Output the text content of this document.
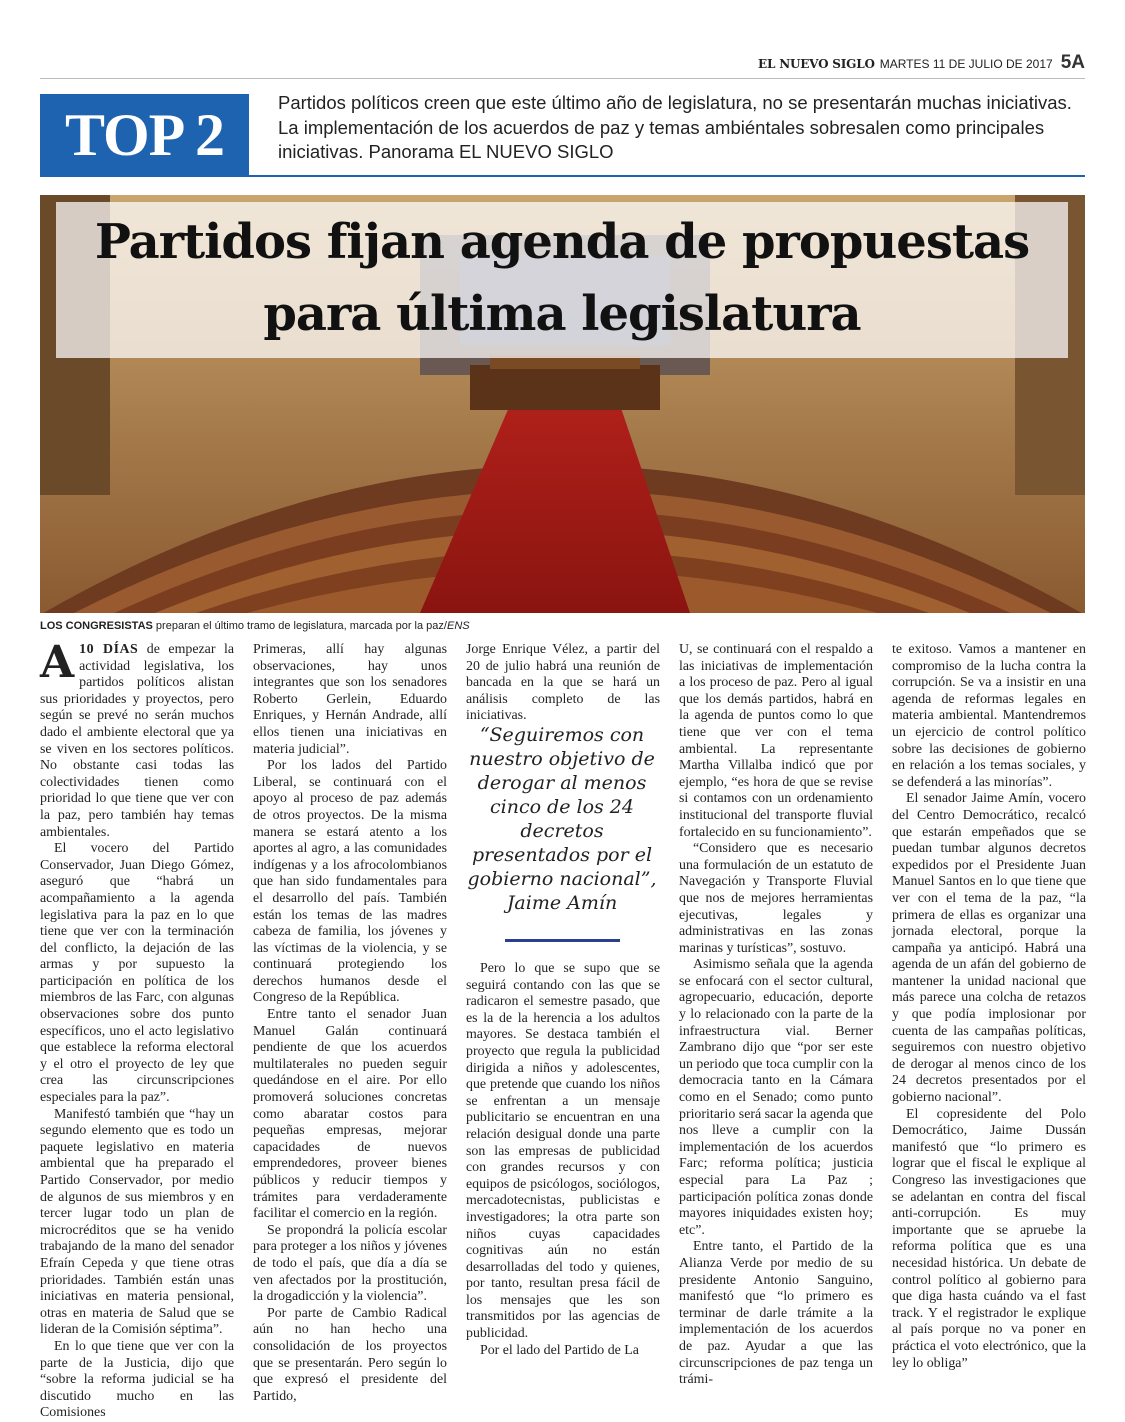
EL NUEVO SIGLO MARTES 11 DE JULIO DE 2017 5A
TOP 2	Partidos políticos creen que este último año de legislatura, no se presentarán muchas iniciativas. La implementación de los acuerdos de paz y temas ambiéntales sobresalen como principales iniciativas. Panorama EL NUEVO SIGLO
Partidos fijan agenda de propuestas
para última legislatura
LOS CONGRESISTAS preparan el último tramo de legislatura, marcada por la paz/ENS

A 10 DÍAS de empezar la actividad legislativa, los partidos políticos alistan sus prioridades y proyectos, pero según se prevé no serán muchos dado el ambiente electoral que ya se viven en los sectores políticos. No obstante casi todas las colectividades tienen como prioridad lo que tiene que ver con la paz, pero también hay temas ambientales.

El vocero del Partido Conservador, Juan Diego Gómez, aseguró que “habrá un acompañamiento a la agenda legislativa para la paz en lo que tiene que ver con la terminación del conflicto, la dejación de las armas y por supuesto la participación en política de los miembros de las Farc, con algunas observaciones sobre dos punto específicos, uno el acto legislativo que establece la reforma electoral y el otro el proyecto de ley que crea las circunscripciones especiales para la paz”.

Manifestó también que “hay un segundo elemento que es todo un paquete legislativo en materia ambiental que ha preparado el Partido Conservador, por medio de algunos de sus miembros y en tercer lugar todo un plan de microcréditos que se ha venido trabajando de la mano del senador Efraín Cepeda y que tiene otras prioridades. También están unas iniciativas en materia pensional, otras en materia de Salud que se lideran de la Comisión séptima”.

En lo que tiene que ver con la parte de la Justicia, dijo que “sobre la reforma judicial se ha discutido mucho en las Comisiones

Primeras, allí hay algunas observaciones, hay unos integrantes que son los senadores Roberto Gerlein, Eduardo Enriques, y Hernán Andrade, allí ellos tienen una iniciativas en materia judicial”.

Por los lados del Partido Liberal, se continuará con el apoyo al proceso de paz además de otros proyectos. De la misma manera se estará atento a los aportes al agro, a las comunidades indígenas y a los afrocolombianos que han sido fundamentales para el desarrollo del país. También están los temas de las madres cabeza de familia, los jóvenes y las víctimas de la violencia, y se continuará protegiendo los derechos humanos desde el Congreso de la República.

Entre tanto el senador Juan Manuel Galán continuará pendiente de que los acuerdos multilaterales no pueden seguir quedándose en el aire. Por ello promoverá soluciones concretas como abaratar costos para pequeñas empresas, mejorar capacidades de nuevos emprendedores, proveer bienes públicos y reducir tiempos y trámites para verdaderamente facilitar el comercio en la región.

Se propondrá la policía escolar para proteger a los niños y jóvenes de todo el país, que día a día se ven afectados por la prostitución, la drogadicción y la violencia”.

Por parte de Cambio Radical aún no han hecho una consolidación de los proyectos que se presentarán. Pero según lo que expresó el presidente del Partido,

Jorge Enrique Vélez, a partir del 20 de julio habrá una reunión de bancada en la que se hará un análisis completo de las iniciativas.

“Seguiremos con nuestro objetivo de derogar al menos cinco de los 24 decretos presentados por el gobierno nacional”,
Jaime Amín

Pero lo que se supo que se seguirá contando con las que se radicaron el semestre pasado, que es la de la herencia a los adultos mayores. Se destaca también el proyecto que regula la publicidad dirigida a niños y adolescentes, que pretende que cuando los niños se enfrentan a un mensaje publicitario se encuentran en una relación desigual donde una parte son las empresas de publicidad con grandes recursos y con equipos de psicólogos, sociólogos, mercadotecnistas, publicistas e investigadores; la otra parte son niños cuyas capacidades cognitivas aún no están desarrolladas del todo y quienes, por tanto, resultan presa fácil de los mensajes que les son transmitidos por las agencias de publicidad.

Por el lado del Partido de La

U, se continuará con el respaldo a las iniciativas de implementación a los proceso de paz. Pero al igual que los demás partidos, habrá en la agenda de puntos como lo que tiene que ver con el tema ambiental. La representante Martha Villalba indicó que por ejemplo, “es hora de que se revise si contamos con un ordenamiento institucional del transporte fluvial fortalecido en su funcionamiento”.

“Considero que es necesario una formulación de un estatuto de Navegación y Transporte Fluvial que nos de mejores herramientas ejecutivas, legales y administrativas en las zonas marinas y turísticas”, sostuvo.

Asimismo señala que la agenda se enfocará con el sector cultural, agropecuario, educación, deporte y lo relacionado con la parte de la infraestructura vial. Berner Zambrano dijo que “por ser este un periodo que toca cumplir con la democracia tanto en la Cámara como en el Senado; como punto prioritario será sacar la agenda que nos lleve a cumplir con la implementación de los acuerdos Farc; reforma política; justicia especial para La Paz ; participación política zonas donde mayores iniquidades existen hoy; etc”.

Entre tanto, el Partido de la Alianza Verde por medio de su presidente Antonio Sanguino, manifestó que “lo primero es terminar de darle trámite a la implementación de los acuerdos de paz. Ayudar a que las circunscripciones de paz tenga un trámi-

te exitoso. Vamos a mantener en compromiso de la lucha contra la corrupción. Se va a insistir en una agenda de reformas legales en materia ambiental. Mantendremos un ejercicio de control político sobre las decisiones de gobierno en relación a los temas sociales, y se defenderá a las minorías”.

El senador Jaime Amín, vocero del Centro Democrático, recalcó que estarán empeñados que se puedan tumbar algunos decretos expedidos por el Presidente Juan Manuel Santos en lo que tiene que ver con el tema de la paz, “la primera de ellas es organizar una jornada electoral, porque la campaña ya anticipó. Habrá una agenda de un afán del gobierno de mantener la unidad nacional que más parece una colcha de retazos y que podía implosionar por cuenta de las campañas políticas, seguiremos con nuestro objetivo de derogar al menos cinco de los 24 decretos presentados por el gobierno nacional”.

El copresidente del Polo Democrático, Jaime Dussán manifestó que “lo primero es lograr que el fiscal le explique al Congreso las investigaciones que se adelantan en contra del fiscal anti-corrupción. Es muy importante que se apruebe la reforma política que es una necesidad histórica. Un debate de control político al gobierno para que diga hasta cuándo va el fast track. Y el registrador le explique al país porque no va poner en práctica el voto electrónico, que la ley lo obliga”
